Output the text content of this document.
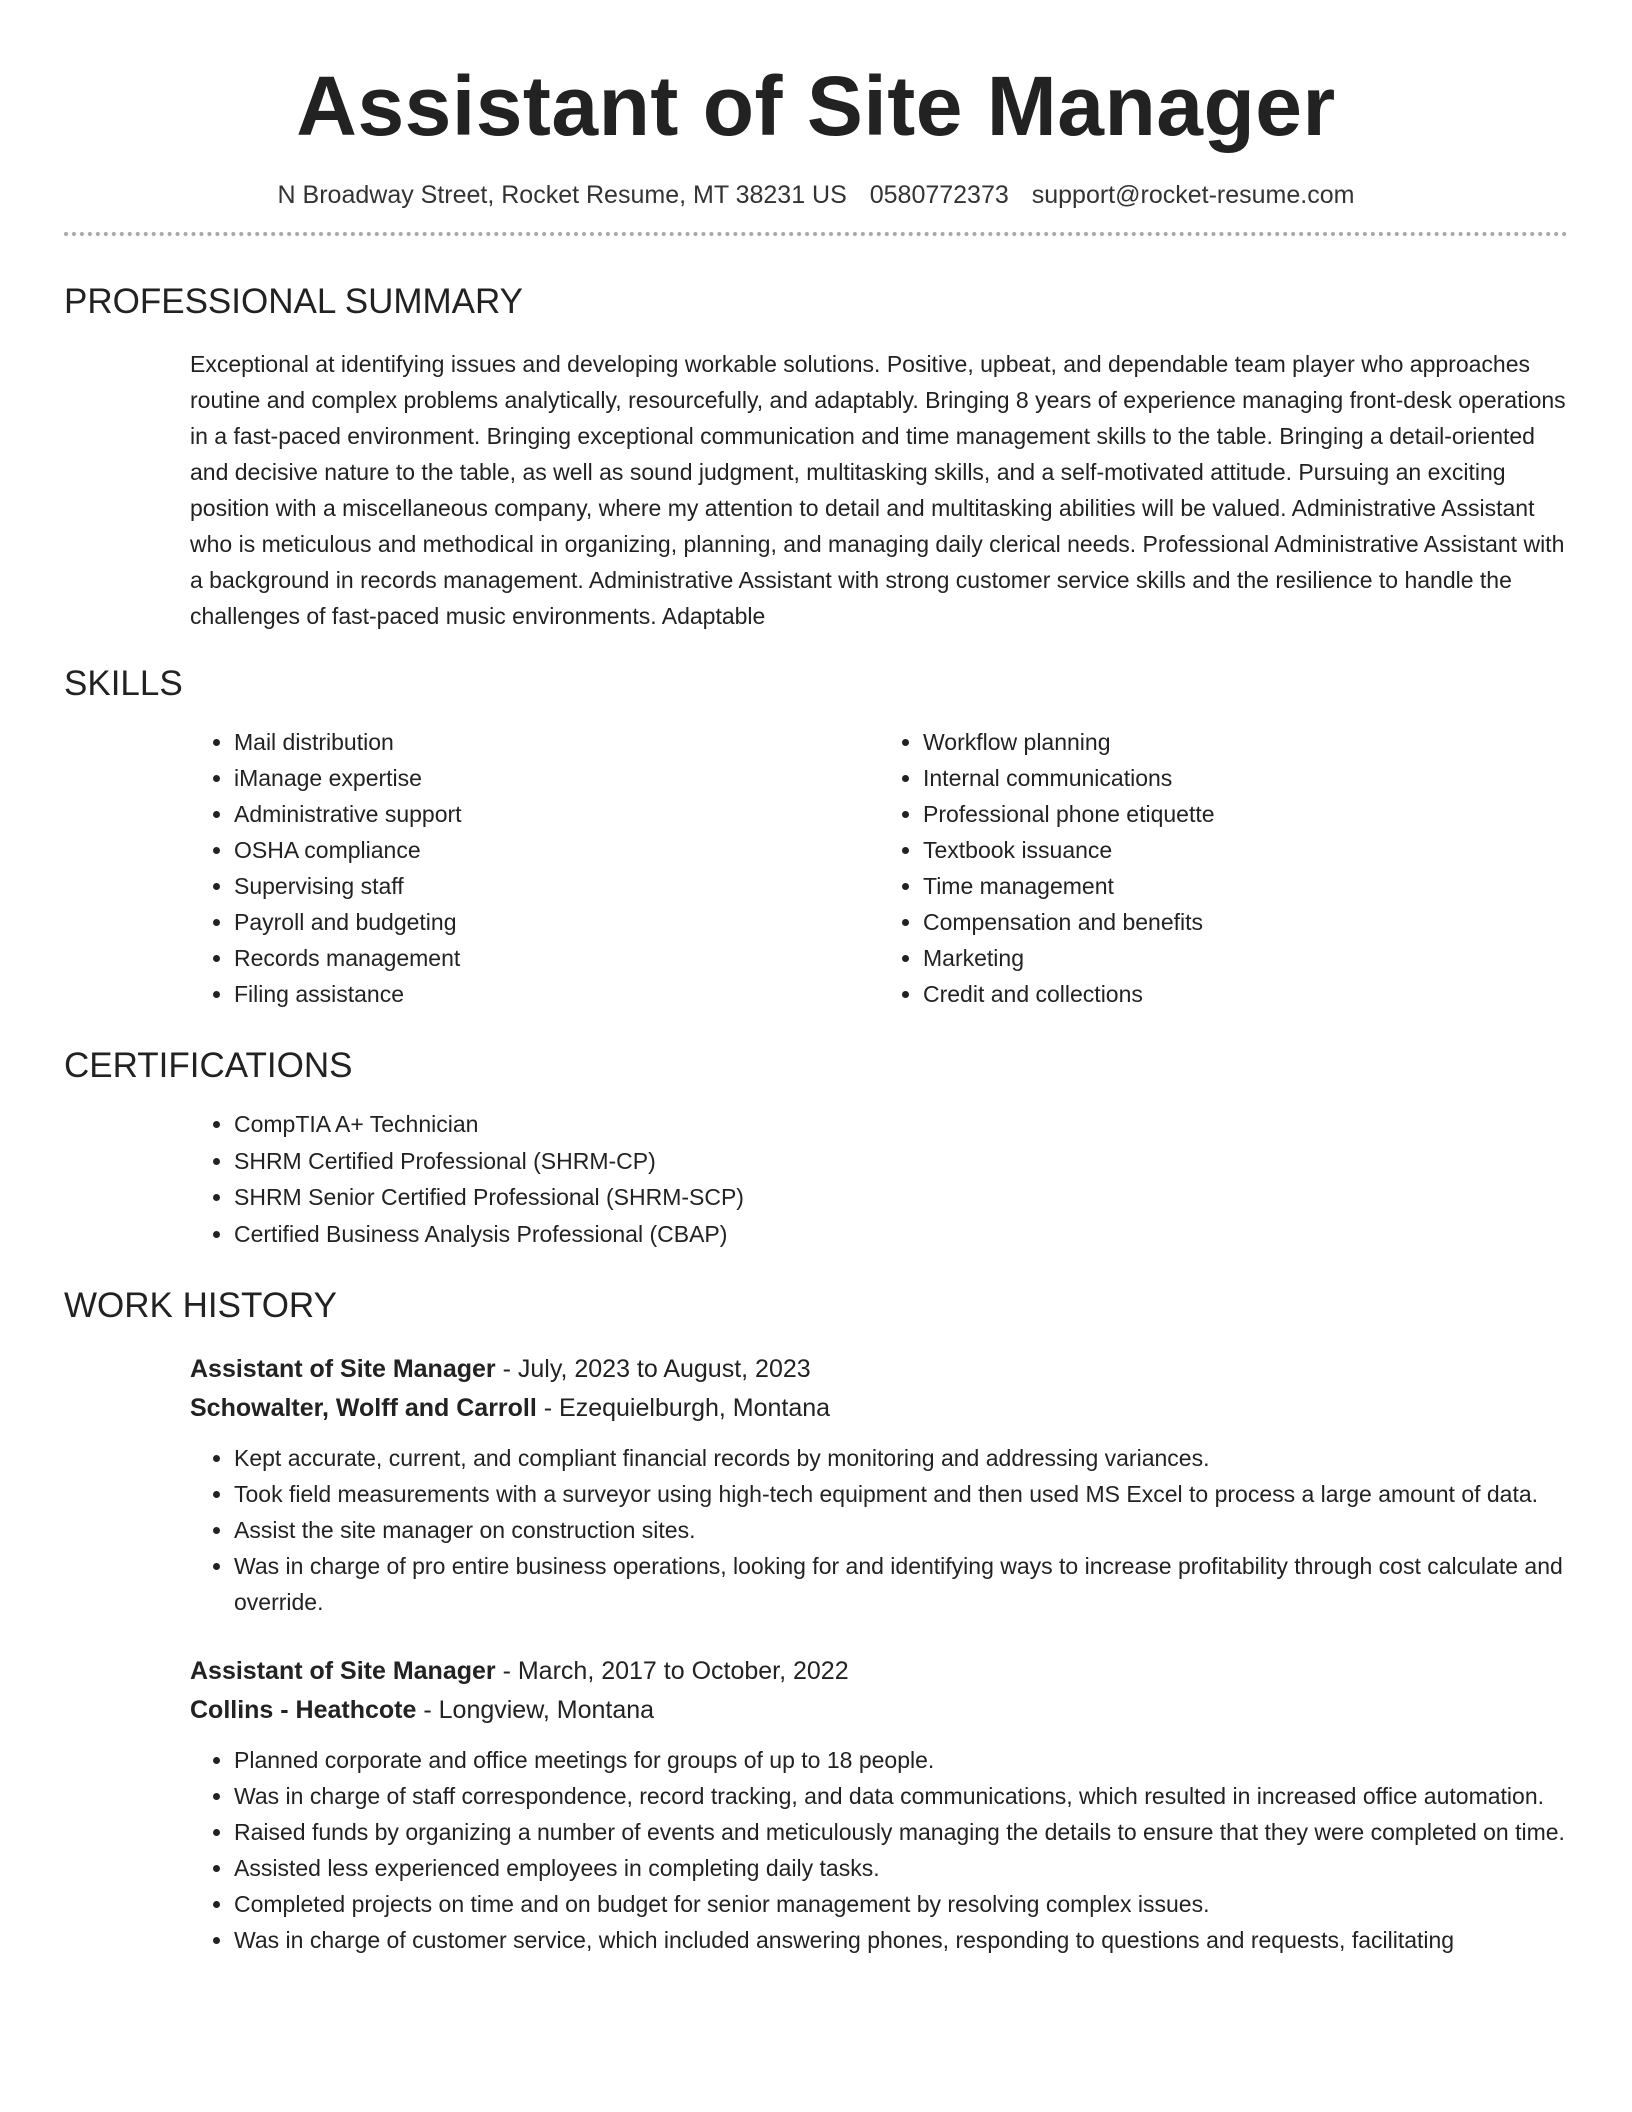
Assistant of Site Manager
N Broadway Street, Rocket Resume, MT 38231 US 0580772373 support@rocket-resume.com
PROFESSIONAL SUMMARY

Exceptional at identifying issues and developing workable solutions. Positive, upbeat, and dependable team player who approaches routine and complex problems analytically, resourcefully, and adaptably. Bringing 8 years of experience managing front-desk operations in a fast-paced environment. Bringing exceptional communication and time management skills to the table. Bringing a detail-oriented and decisive nature to the table, as well as sound judgment, multitasking skills, and a self-motivated attitude. Pursuing an exciting position with a miscellaneous company, where my attention to detail and multitasking abilities will be valued. Administrative Assistant who is meticulous and methodical in organizing, planning, and managing daily clerical needs. Professional Administrative Assistant with a background in records management. Administrative Assistant with strong customer service skills and the resilience to handle the challenges of fast-paced music environments. Adaptable

SKILLS
• Mail distribution
• iManage expertise
• Administrative support
• OSHA compliance
• Supervising staff
• Payroll and budgeting
• Records management
• Filing assistance
• Workflow planning
• Internal communications
• Professional phone etiquette
• Textbook issuance
• Time management
• Compensation and benefits
• Marketing
• Credit and collections
CERTIFICATIONS
• CompTIA A+ Technician
• SHRM Certified Professional (SHRM-CP)
• SHRM Senior Certified Professional (SHRM-SCP)
• Certified Business Analysis Professional (CBAP)
WORK HISTORY
Assistant of Site Manager - July, 2023 to August, 2023
Schowalter, Wolff and Carroll - Ezequielburgh, Montana
• Kept accurate, current, and compliant financial records by monitoring and addressing variances.
• Took field measurements with a surveyor using high-tech equipment and then used MS Excel to process a large amount of data.
• Assist the site manager on construction sites.
• Was in charge of pro entire business operations, looking for and identifying ways to increase profitability through cost calculate and override.
Assistant of Site Manager - March, 2017 to October, 2022
Collins - Heathcote - Longview, Montana
• Planned corporate and office meetings for groups of up to 18 people.
• Was in charge of staff correspondence, record tracking, and data communications, which resulted in increased office automation.
• Raised funds by organizing a number of events and meticulously managing the details to ensure that they were completed on time.
• Assisted less experienced employees in completing daily tasks.
• Completed projects on time and on budget for senior management by resolving complex issues.
• Was in charge of customer service, which included answering phones, responding to questions and requests, facilitating
